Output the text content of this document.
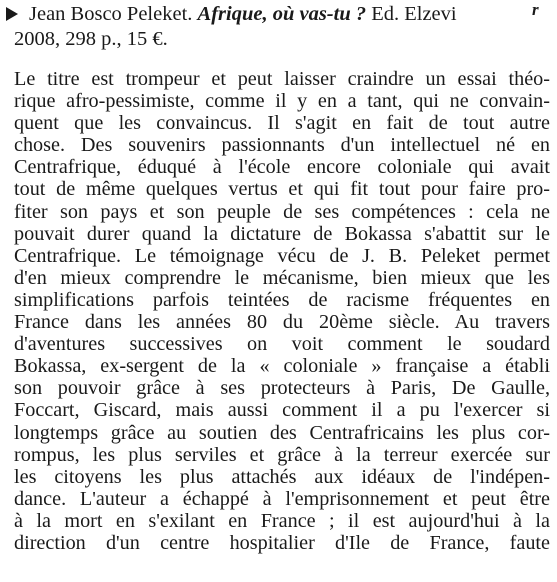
Jean Bosco Peleket. Afrique, où vas-tu ? Ed. Elzevi
2008, 298 p., 15 €.
r
Le titre est trompeur et peut laisser craindre un essai théo-
rique afro-pessimiste, comme il y en a tant, qui ne convain-
quent que les convaincus. Il s'agit en fait de tout autre
chose. Des souvenirs passionnants d'un intellectuel né en
Centrafrique, éduqué à l'école encore coloniale qui avait
tout de même quelques vertus et qui fit tout pour faire pro-
fiter son pays et son peuple de ses compétences : cela ne
pouvait durer quand la dictature de Bokassa s'abattit sur le
Centrafrique. Le témoignage vécu de J. B. Peleket permet
d'en mieux comprendre le mécanisme, bien mieux que les
simplifications parfois teintées de racisme fréquentes en
France dans les années 80 du 20ème siècle. Au travers
d'aventures successives on voit comment le soudard
Bokassa, ex-sergent de la « coloniale » française a établi
son pouvoir grâce à ses protecteurs à Paris, De Gaulle,
Foccart, Giscard, mais aussi comment il a pu l'exercer si
longtemps grâce au soutien des Centrafricains les plus cor-
rompus, les plus serviles et grâce à la terreur exercée sur
les citoyens les plus attachés aux idéaux de l'indépen-
dance. L'auteur a échappé à l'emprisonnement et peut être
à la mort en s'exilant en France ; il est aujourd'hui à la
direction d'un centre hospitalier d'Ile de France, faute
